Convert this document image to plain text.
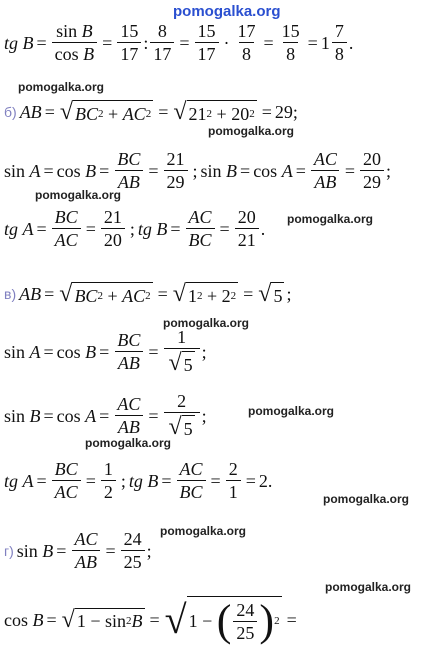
pomogalka.org
pomogalka.org
pomogalka.org
pomogalka.org
pomogalka.org
pomogalka.org
pomogalka.org
pomogalka.org
pomogalka.org
pomogalka.org
pomogalka.org
tg
$B = \frac{\text{sin B}}{\text{cos B}} = \frac{15}{17}$ : $\frac{8}{17} = \frac{15}{17} \cdot \frac{17}{8} = \frac{15}{8} = 1 \frac{7}{8}$ .
б) AB = √ BC 2
+
AC 2 = √ 21 2
+
20 2 = 29 ;
sin
A = cos
$B = \frac{BC}{AB} = \frac{21}{29}$ ; sin
B = cos
$A = \frac{AC}{AB} = \frac{20}{29}$ ;
tg
$A = \frac{BC}{AC} = \frac{21}{20}$ ; tg
$B = \frac{AC}{BC} = \frac{20}{21}$ .
в) AB = √ BC 2
+
AC 2 = √ 1 2
+
2 2 = √ 5 ;
sin
A = cos
$B = \frac{BC}{AB} = \frac{1}{√ 5}$ ;
sin
B = cos
$A = \frac{AC}{AB} = \frac{2}{√ 5}$ ;
tg
$A = \frac{BC}{AC} = \frac{1}{2}$ ; tg
$B = \frac{AC}{BC} = \frac{2}{1} = 2$ .
г) sin
$B = \frac{AC}{AB} = \frac{24}{25}$ ;
cos
B = √ 1
−
sin 2 B = √ 1
−
( $\frac{24}{25}$ ) 2 =
